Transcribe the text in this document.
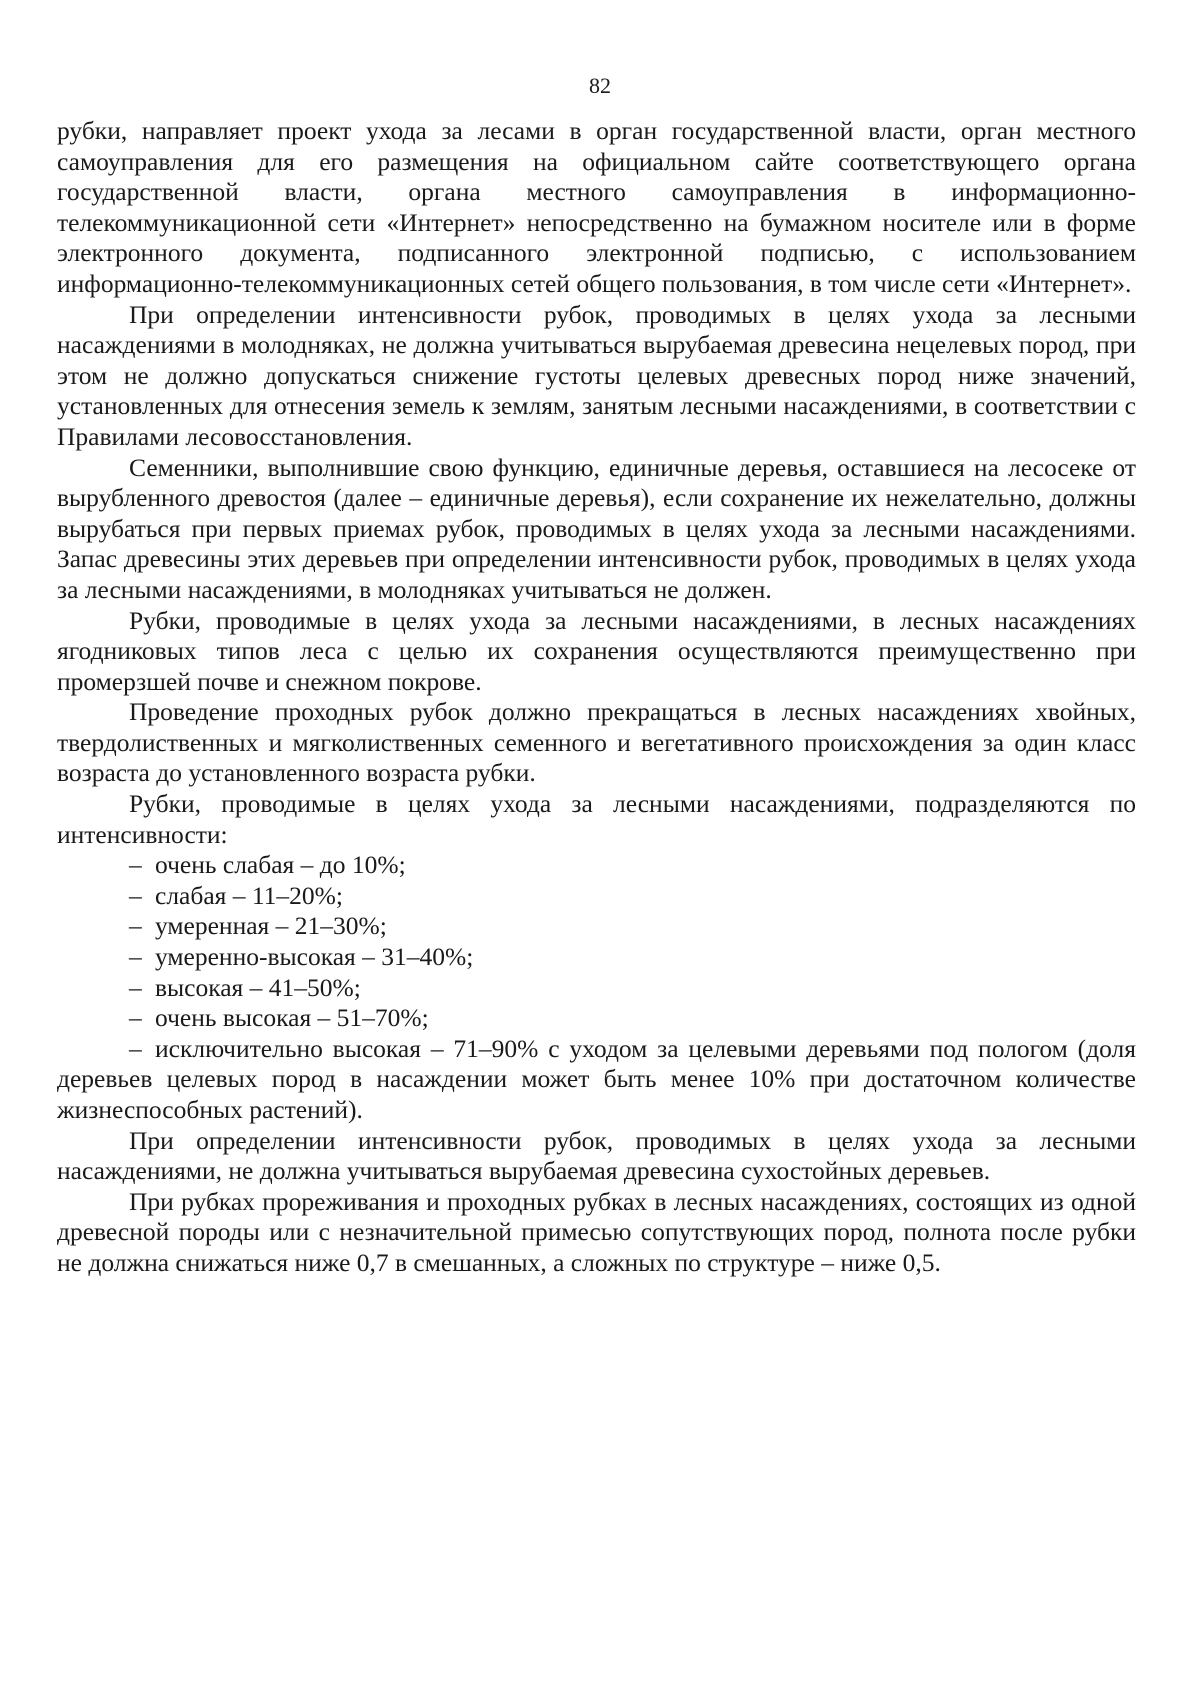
82

рубки, направляет проект ухода за лесами в орган государственной власти, орган местного самоуправления для его размещения на официальном сайте соответствующего органа государственной власти, органа местного самоуправления в информационно-телекоммуникационной сети «Интернет» непосредственно на бумажном носителе или в форме электронного документа, подписанного электронной подписью, с использованием информационно-телекоммуникационных сетей общего пользования, в том числе сети «Интернет».

При определении интенсивности рубок, проводимых в целях ухода за лесными насаждениями в молодняках, не должна учитываться вырубаемая древесина нецелевых пород, при этом не должно допускаться снижение густоты целевых древесных пород ниже значений, установленных для отнесения земель к землям, занятым лесными насаждениями, в соответствии с Правилами лесовосстановления.

Семенники, выполнившие свою функцию, единичные деревья, оставшиеся на лесосеке от вырубленного древостоя (далее – единичные деревья), если сохранение их нежелательно, должны вырубаться при первых приемах рубок, проводимых в целях ухода за лесными насаждениями. Запас древесины этих деревьев при определении интенсивности рубок, проводимых в целях ухода за лесными насаждениями, в молодняках учитываться не должен.

Рубки, проводимые в целях ухода за лесными насаждениями, в лесных насаждениях ягодниковых типов леса с целью их сохранения осуществляются преимущественно при промерзшей почве и снежном покрове.

Проведение проходных рубок должно прекращаться в лесных насаждениях хвойных, твердолиственных и мягколиственных семенного и вегетативного происхождения за один класс возраста до установленного возраста рубки.

Рубки, проводимые в целях ухода за лесными насаждениями, подразделяются по интенсивности:

– очень слабая – до 10%;
– слабая – 11–20%;
– умеренная – 21–30%;
– умеренно-высокая – 31–40%;
– высокая – 41–50%;
– очень высокая – 51–70%;
– исключительно высокая – 71–90% с уходом за целевыми деревьями под пологом (доля деревьев целевых пород в насаждении может быть менее 10% при достаточном количестве жизнеспособных растений).

При определении интенсивности рубок, проводимых в целях ухода за лесными насаждениями, не должна учитываться вырубаемая древесина сухостойных деревьев.

При рубках прореживания и проходных рубках в лесных насаждениях, состоящих из одной древесной породы или с незначительной примесью сопутствующих пород, полнота после рубки не должна снижаться ниже 0,7 в смешанных, а сложных по структуре – ниже 0,5.
